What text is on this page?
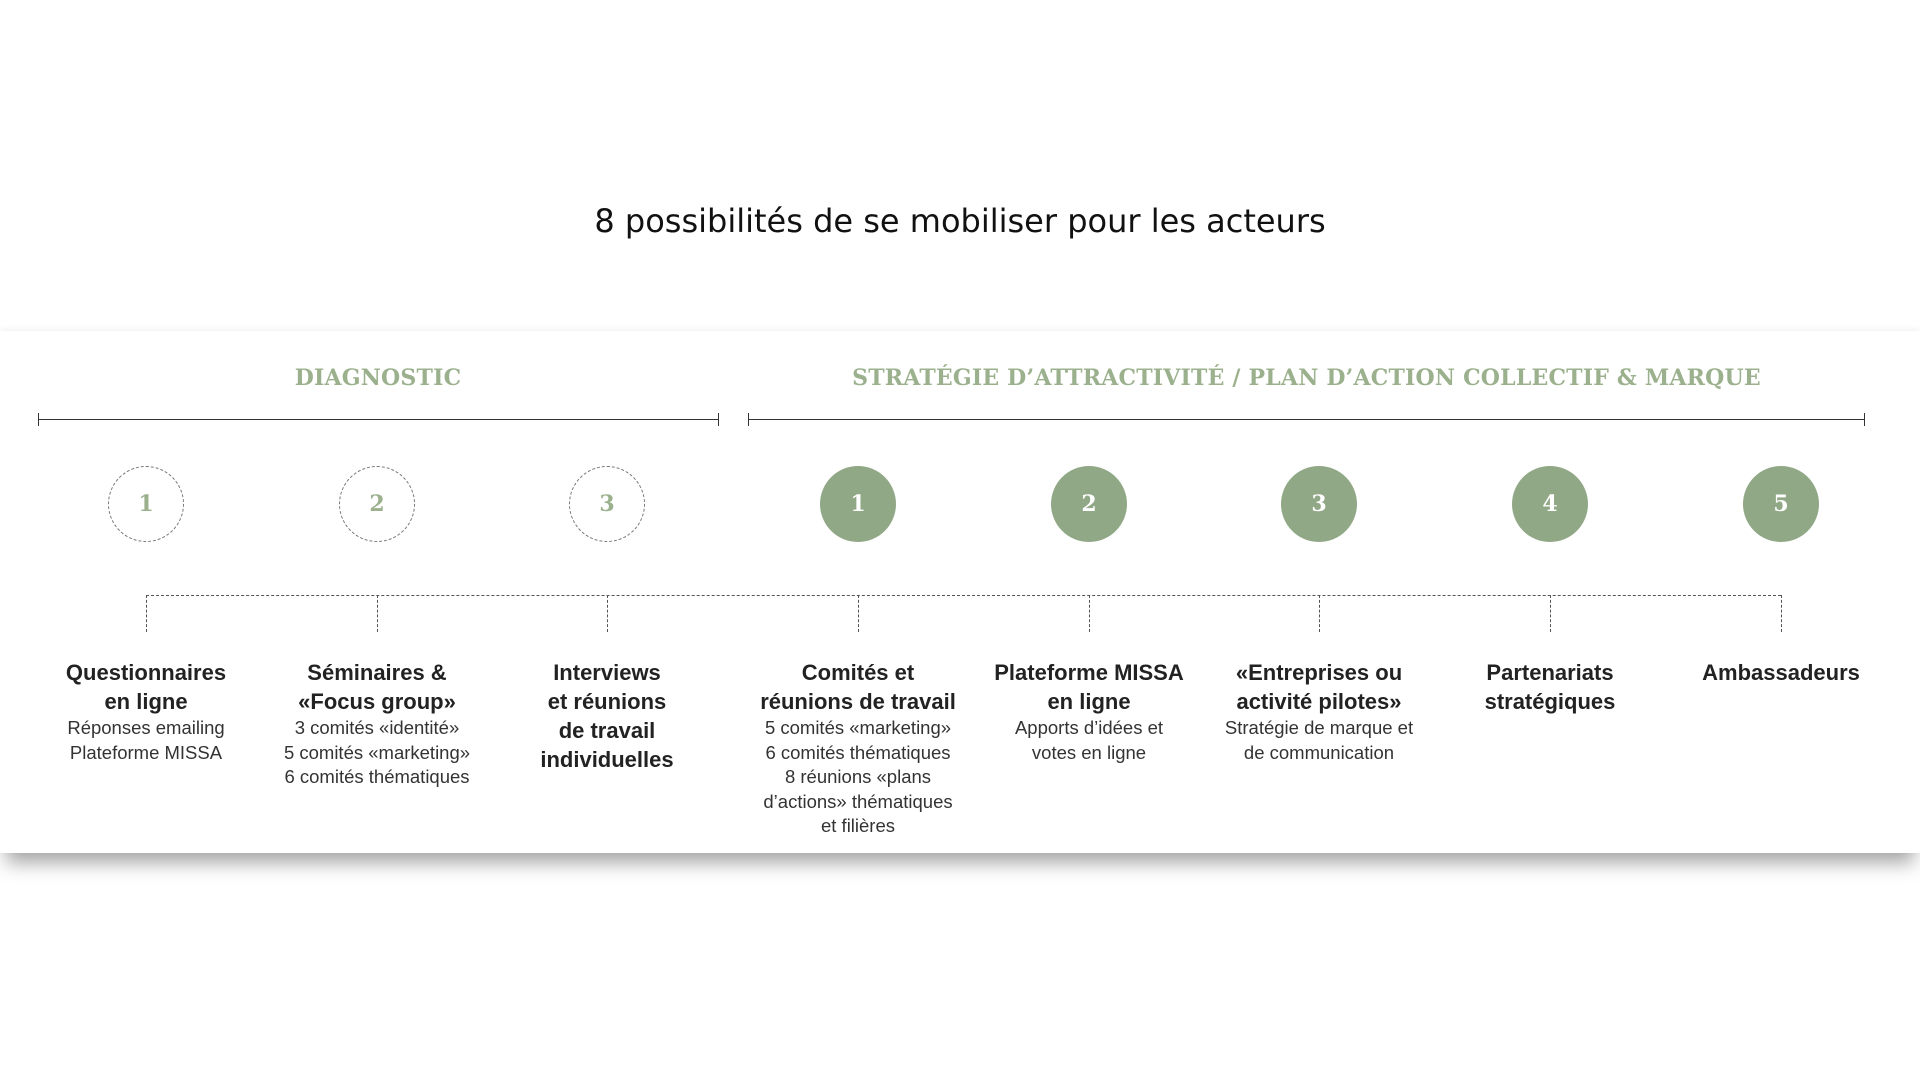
8 possibilités de se mobiliser pour les acteurs
DIAGNOSTIC	STRATÉGIE D’ATTRACTIVITÉ / PLAN D’ACTION COLLECTIF & MARQUE
1
Questionnaires
en ligne
Réponses emailing
Plateforme MISSA
2
Séminaires &
«Focus group»
3 comités «identité»
5 comités «marketing»
6 comités thématiques
3
Interviews
et réunions
de travail
individuelles
1
Comités et
réunions de travail
5 comités «marketing»
6 comités thématiques
8 réunions «plans
d’actions» thématiques
et filières
2
Plateforme MISSA
en ligne
Apports d’idées et
votes en ligne
3
«Entreprises ou
activité pilotes»
Stratégie de marque et
de communication
4
Partenariats
stratégiques
5
Ambassadeurs
